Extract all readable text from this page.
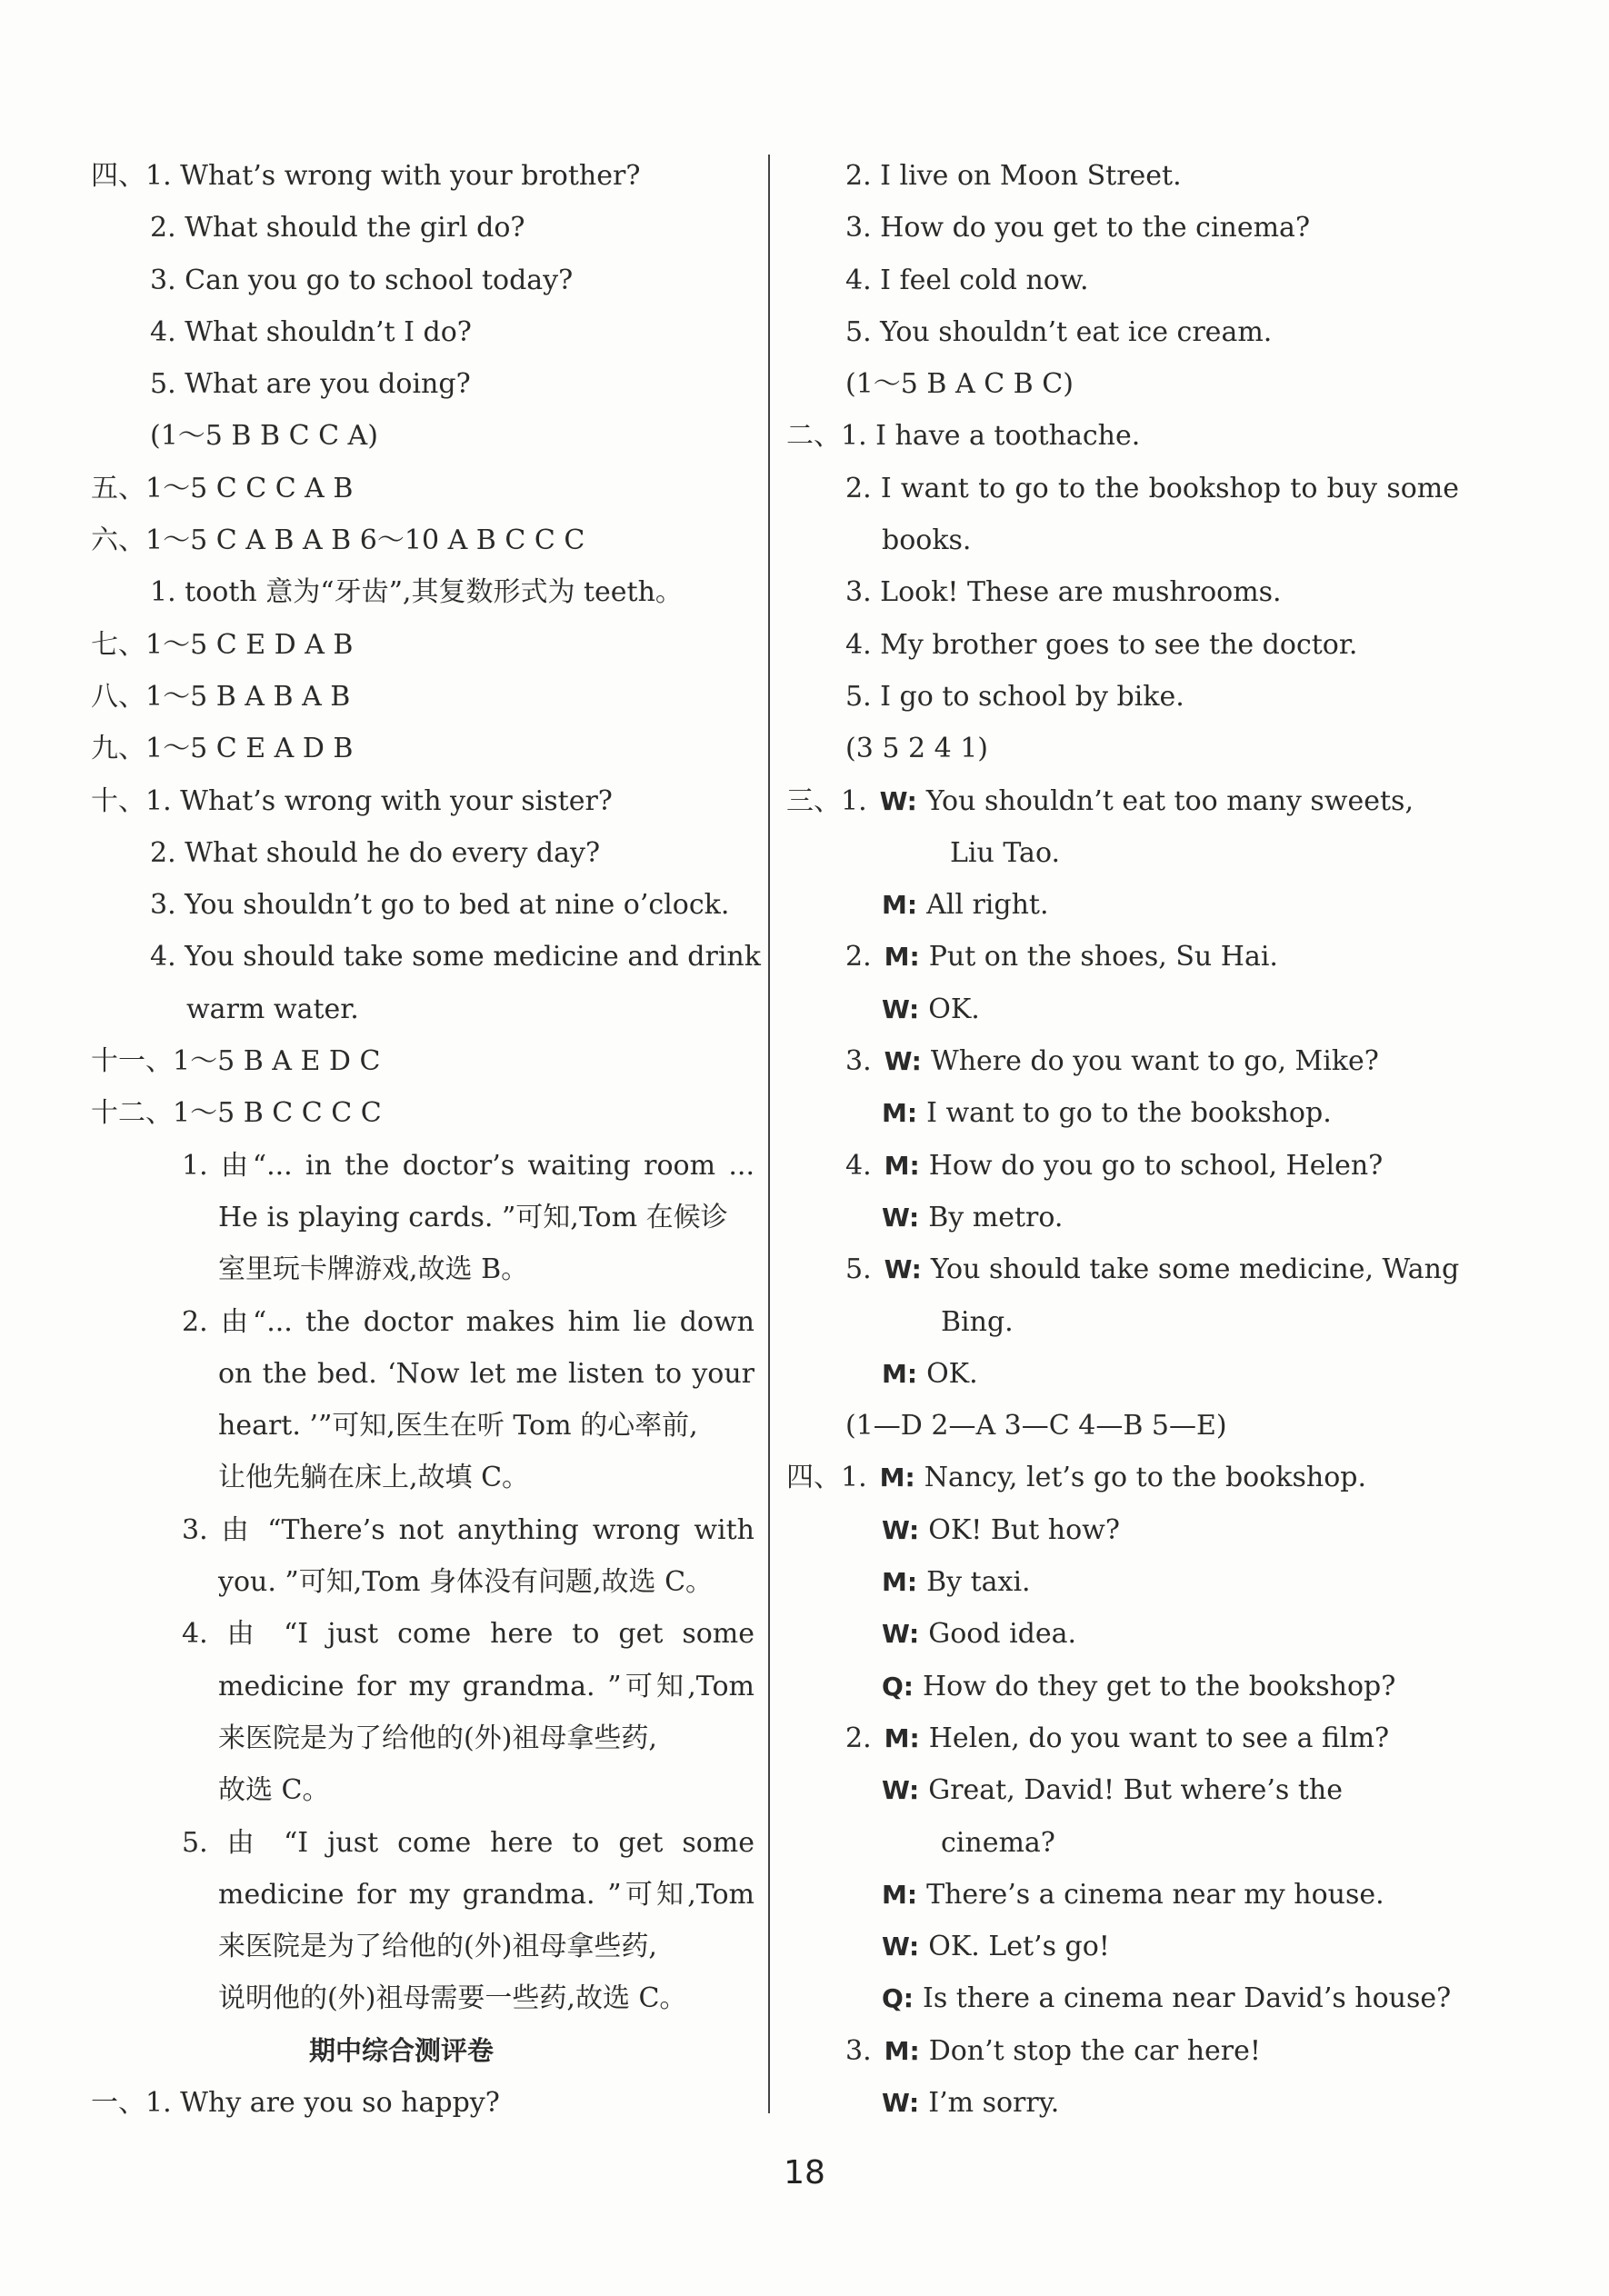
四、1. What’s wrong with your brother?
2. What should the girl do?
3. Can you go to school today?
4. What shouldn’t I do?
5. What are you doing?
(1～5 B B C C A)
五、1～5 C C C A B
六、1～5 C A B A B 6～10 A B C C C
1. tooth 意为“牙齿”,其复数形式为 teeth。
七、1～5 C E D A B
八、1～5 B A B A B
九、1～5 C E A D B
十、1. What’s wrong with your sister?
2. What should he do every day?
3. You shouldn’t go to bed at nine o’clock.
4. You should take some medicine and drink
warm water.
十一、1～5 B A E D C
十二、1～5 B C C C C
1. 由“... in the doctor’s waiting room ...
He is playing cards. ”可知,Tom 在候诊
室里玩卡牌游戏,故选 B。
2. 由“... the doctor makes him lie down
on the bed. ‘Now let me listen to your
heart. ’”可知,医生在听 Tom 的心率前,
让他先躺在床上,故填 C。
3. 由 “There’s not anything wrong with
you. ”可知,Tom 身体没有问题,故选 C。
4. 由 “I just come here to get some
medicine for my grandma. ”可知,Tom
来医院是为了给他的(外)祖母拿些药,
故选 C。
5. 由 “I just come here to get some
medicine for my grandma. ”可知,Tom
来医院是为了给他的(外)祖母拿些药,
说明他的(外)祖母需要一些药,故选 C。
期中综合测评卷
一、1. Why are you so happy?
2. I live on Moon Street.
3. How do you get to the cinema?
4. I feel cold now.
5. You shouldn’t eat ice cream.
(1～5 B A C B C)
二、1. I have a toothache.
2. I want to go to the bookshop to buy some
books.
3. Look! These are mushrooms.
4. My brother goes to see the doctor.
5. I go to school by bike.
(3 5 2 4 1)
三、1. W: You shouldn’t eat too many sweets,
Liu Tao.
M: All right.
2. M: Put on the shoes, Su Hai.
W: OK.
3. W: Where do you want to go, Mike?
M: I want to go to the bookshop.
4. M: How do you go to school, Helen?
W: By metro.
5. W: You should take some medicine, Wang
Bing.
M: OK.
(1—D 2—A 3—C 4—B 5—E)
四、1. M: Nancy, let’s go to the bookshop.
W: OK! But how?
M: By taxi.
W: Good idea.
Q: How do they get to the bookshop?
2. M: Helen, do you want to see a film?
W: Great, David! But where’s the
cinema?
M: There’s a cinema near my house.
W: OK. Let’s go!
Q: Is there a cinema near David’s house?
3. M: Don’t stop the car here!
W: I’m sorry.
18
